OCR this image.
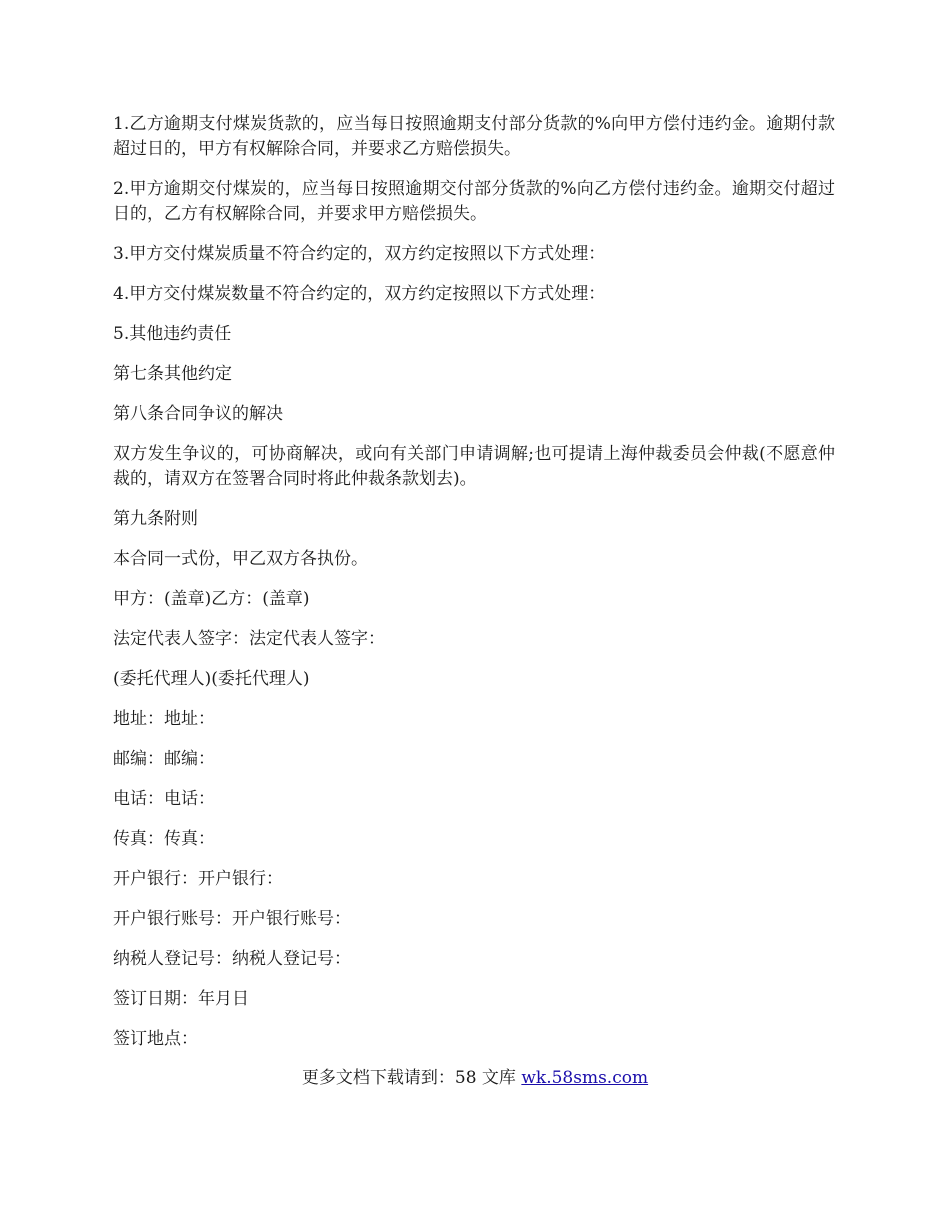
1.乙方逾期支付煤炭货款的，应当每日按照逾期支付部分货款的%向甲方偿付违约金。逾期付款超过日的，甲方有权解除合同，并要求乙方赔偿损失。

2.甲方逾期交付煤炭的，应当每日按照逾期交付部分货款的%向乙方偿付违约金。逾期交付超过日的，乙方有权解除合同，并要求甲方赔偿损失。

3.甲方交付煤炭质量不符合约定的，双方约定按照以下方式处理：

4.甲方交付煤炭数量不符合约定的，双方约定按照以下方式处理：

5.其他违约责任

第七条其他约定

第八条合同争议的解决

双方发生争议的，可协商解决，或向有关部门申请调解;也可提请上海仲裁委员会仲裁(不愿意仲裁的，请双方在签署合同时将此仲裁条款划去)。

第九条附则

本合同一式份，甲乙双方各执份。

甲方：(盖章)乙方：(盖章)

法定代表人签字：法定代表人签字：

(委托代理人)(委托代理人)

地址：地址：

邮编：邮编：

电话：电话：

传真：传真：

开户银行：开户银行：

开户银行账号：开户银行账号：

纳税人登记号：纳税人登记号：

签订日期：年月日

签订地点：

更多文档下载请到：58 文库 wk.58sms.com
